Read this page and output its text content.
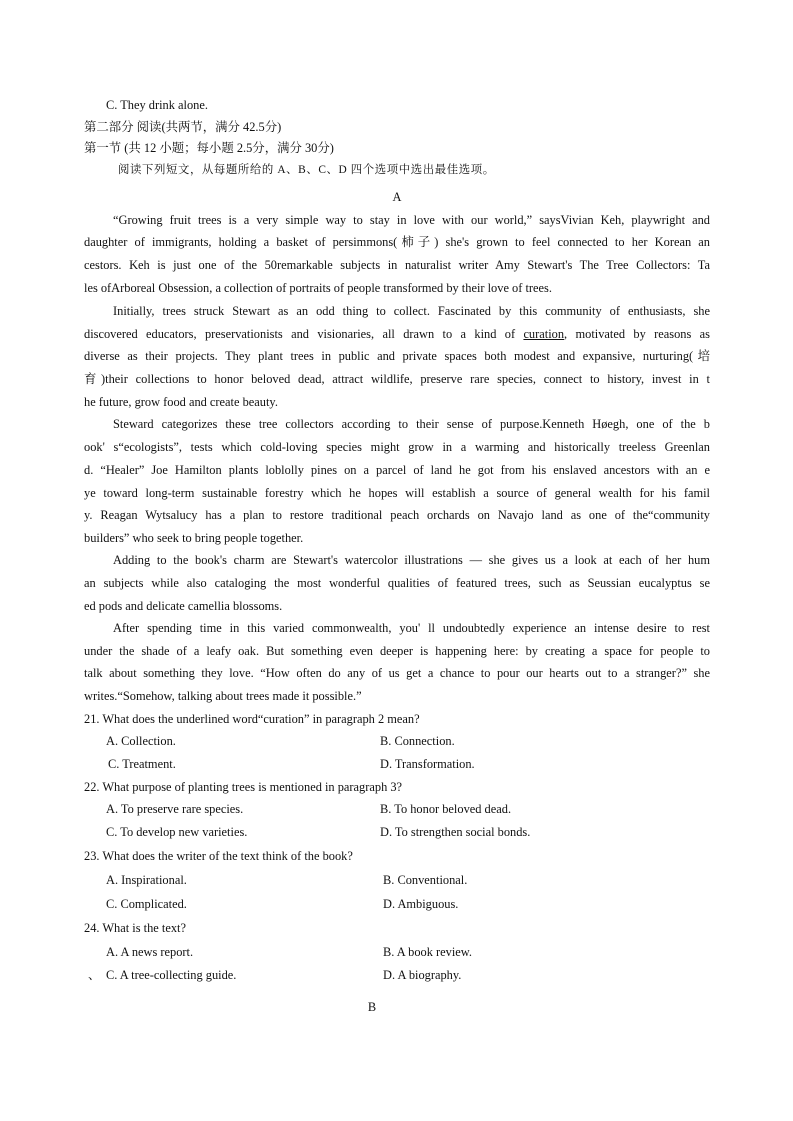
C. They drink alone.
第二部分 阅读(共两节，满分 42.5分)
第一节 (共 12 小题；每小题 2.5分，满分 30分)
阅读下列短文，从每题所给的 A、B、C、D 四个选项中选出最佳选项。
A
“Growing fruit trees is a very simple way to stay in love with our world,” saysVivian Keh, playwright and
daughter of immigrants, holding a basket of persimmons(柿子) she's grown to feel connected to her Korean an
cestors. Keh is just one of the 50remarkable subjects in naturalist writer Amy Stewart's The Tree Collectors: Ta
les ofArboreal Obsession, a collection of portraits of people transformed by their love of trees.
Initially, trees struck Stewart as an odd thing to collect. Fascinated by this community of enthusiasts, she
discovered educators, preservationists and visionaries, all drawn to a kind of curation, motivated by reasons as
diverse as their projects. They plant trees in public and private spaces both modest and expansive, nurturing(培
育)their collections to honor beloved dead, attract wildlife, preserve rare species, connect to history, invest in t
he future, grow food and create beauty.
Steward categorizes these tree collectors according to their sense of purpose.Kenneth Høegh, one of the b
ook' s“ecologists”, tests which cold-loving species might grow in a warming and historically treeless Greenlan
d. “Healer” Joe Hamilton plants loblolly pines on a parcel of land he got from his enslaved ancestors with an e
ye toward long-term sustainable forestry which he hopes will establish a source of general wealth for his famil
y. Reagan Wytsalucy has a plan to restore traditional peach orchards on Navajo land as one of the“community
builders” who seek to bring people together.
Adding to the book's charm are Stewart's watercolor illustrations — she gives us a look at each of her hum
an subjects while also cataloging the most wonderful qualities of featured trees, such as Seussian eucalyptus se
ed pods and delicate camellia blossoms.
After spending time in this varied commonwealth, you' ll undoubtedly experience an intense desire to rest
under the shade of a leafy oak. But something even deeper is happening here: by creating a space for people to
talk about something they love. “How often do any of us get a chance to pour our hearts out to a stranger?” she
writes.“Somehow, talking about trees made it possible.”
21. What does the underlined word“curation” in paragraph 2 mean?
A. Collection.	B. Connection.
C. Treatment.	D. Transformation.
22. What purpose of planting trees is mentioned in paragraph 3?
A. To preserve rare species.	B. To honor beloved dead.
C. To develop new varieties.	D. To strengthen social bonds.
23. What does the writer of the text think of the book?
A. Inspirational.	B. Conventional.
C. Complicated.	D. Ambiguous.
24. What is the text?
A. A news report.	B. A book review.
、 C. A tree-collecting guide.	D. A biography.
B
